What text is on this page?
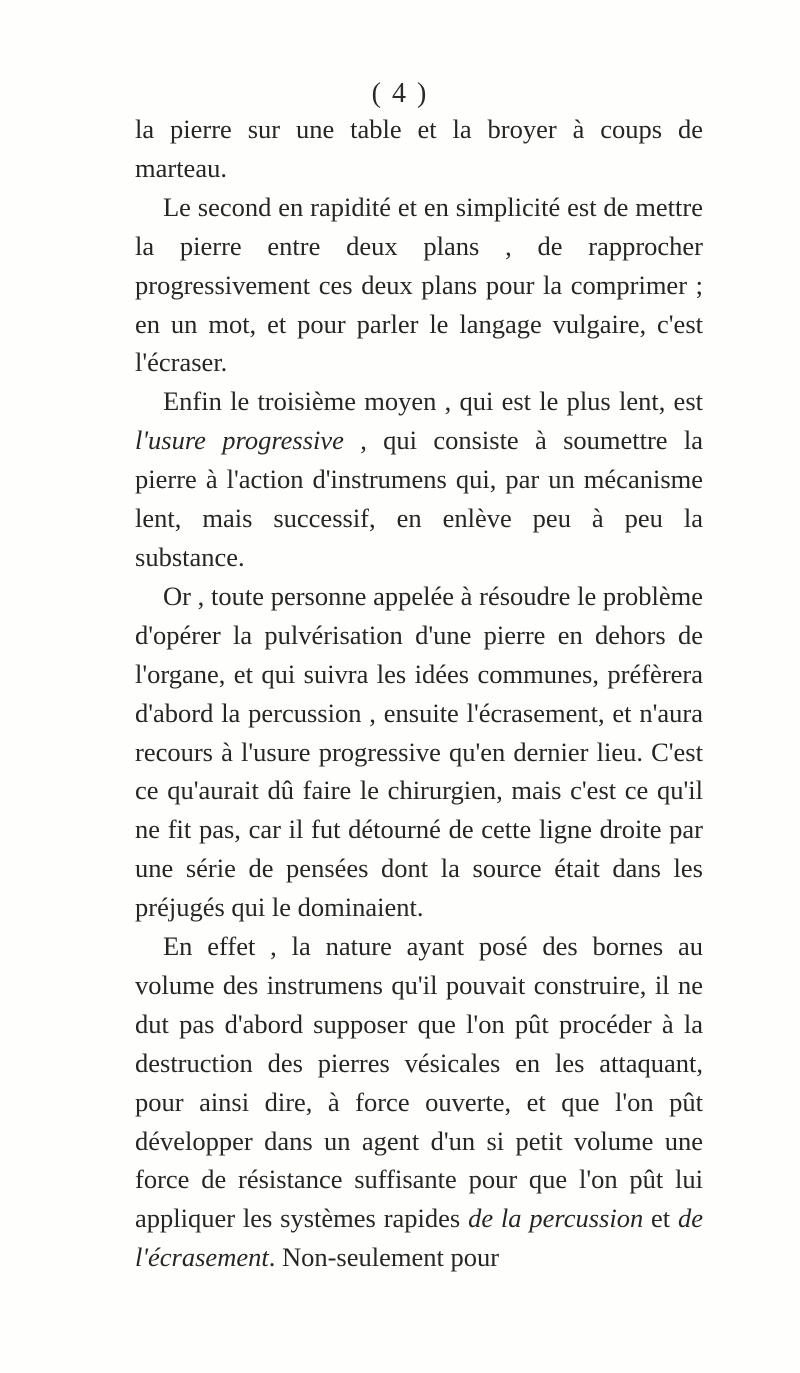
( 4 )

la pierre sur une table et la broyer à coups de marteau.

Le second en rapidité et en simplicité est de mettre la pierre entre deux plans , de rapprocher progressivement ces deux plans pour la comprimer ; en un mot, et pour parler le langage vulgaire, c'est l'écraser.

Enfin le troisième moyen , qui est le plus lent, est l'usure progressive , qui consiste à soumettre la pierre à l'action d'instrumens qui, par un mécanisme lent, mais successif, en enlève peu à peu la substance.

Or , toute personne appelée à résoudre le problème d'opérer la pulvérisation d'une pierre en dehors de l'organe, et qui suivra les idées communes, préfèrera d'abord la percussion , ensuite l'écrasement, et n'aura recours à l'usure progressive qu'en dernier lieu. C'est ce qu'aurait dû faire le chirurgien, mais c'est ce qu'il ne fit pas, car il fut détourné de cette ligne droite par une série de pensées dont la source était dans les préjugés qui le dominaient.

En effet , la nature ayant posé des bornes au volume des instrumens qu'il pouvait construire, il ne dut pas d'abord supposer que l'on pût procéder à la destruction des pierres vésicales en les attaquant, pour ainsi dire, à force ouverte, et que l'on pût développer dans un agent d'un si petit volume une force de résistance suffisante pour que l'on pût lui appliquer les systèmes rapides de la percussion et de l'écrasement. Non-seulement pour
